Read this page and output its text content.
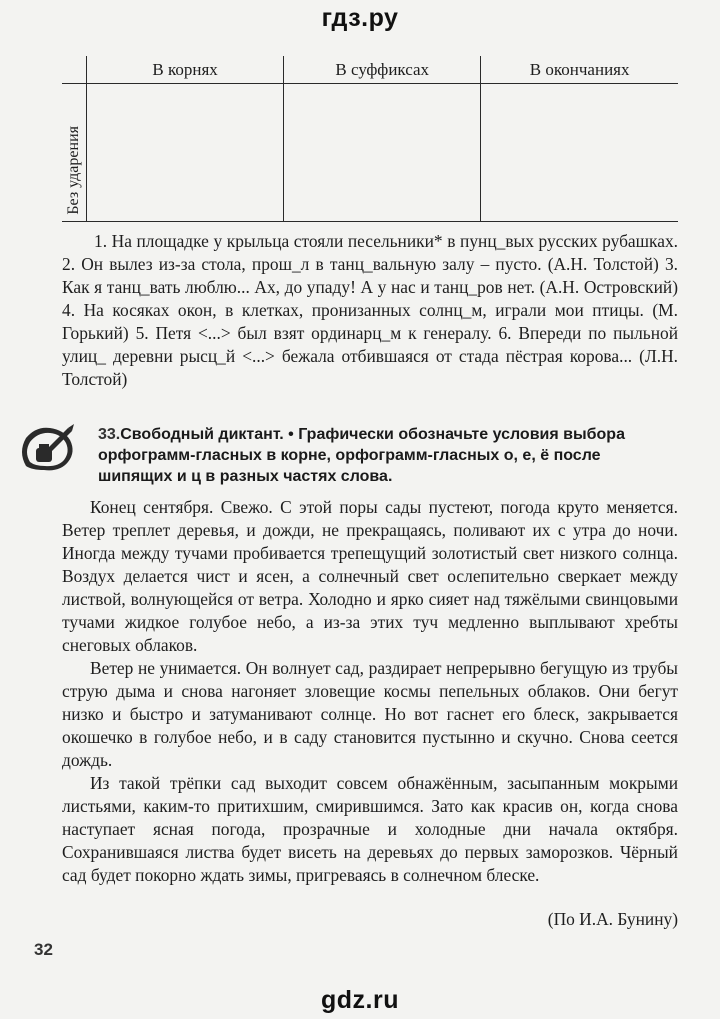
гдз.ру
	В корнях	В суффиксах	В окончаниях

Без ударения			

1. На площадке у крыльца стояли песельники* в пунц_вых русских рубашках. 2. Он вылез из-за стола, прош_л в танц_вальную залу – пусто. (А.Н. Толстой) 3. Как я танц_вать люблю... Ах, до упаду! А у нас и танц_ров нет. (А.Н. Островский) 4. На косяках окон, в клетках, пронизанных солнц_м, играли мои птицы. (М. Горький) 5. Петя <...> был взят ординарц_м к генералу. 6. Впереди по пыльной улиц_ деревни рысц_й <...> бежала отбившаяся от стада пёстрая корова... (Л.Н. Толстой)

33.Свободный диктант. • Графически обозначьте условия выбора орфограмм-гласных в корне, орфограмм-гласных о, е, ё после шипящих и ц в разных частях слова.

Конец сентября. Свежо. С этой поры сады пустеют, погода круто меняется. Ветер треплет деревья, и дожди, не прекращаясь, поливают их с утра до ночи. Иногда между тучами пробивается трепещущий золотистый свет низкого солнца. Воздух делается чист и ясен, а солнечный свет ослепительно сверкает между листвой, волнующейся от ветра. Холодно и ярко сияет над тяжёлыми свинцовыми тучами жидкое голубое небо, а из-за этих туч медленно выплывают хребты снеговых облаков.

Ветер не унимается. Он волнует сад, раздирает непрерывно бегущую из трубы струю дыма и снова нагоняет зловещие космы пепельных облаков. Они бегут низко и быстро и затуманивают солнце. Но вот гаснет его блеск, закрывается окошечко в голубое небо, и в саду становится пустынно и скучно. Снова сеется дождь.

Из такой трёпки сад выходит совсем обнажённым, засыпанным мокрыми листьями, каким-то притихшим, смирившимся. Зато как красив он, когда снова наступает ясная погода, прозрачные и холодные дни начала октября. Сохранившаяся листва будет висеть на деревьях до первых заморозков. Чёрный сад будет покорно ждать зимы, пригреваясь в солнечном блеске.

(По И.А. Бунину)
32
gdz.ru
